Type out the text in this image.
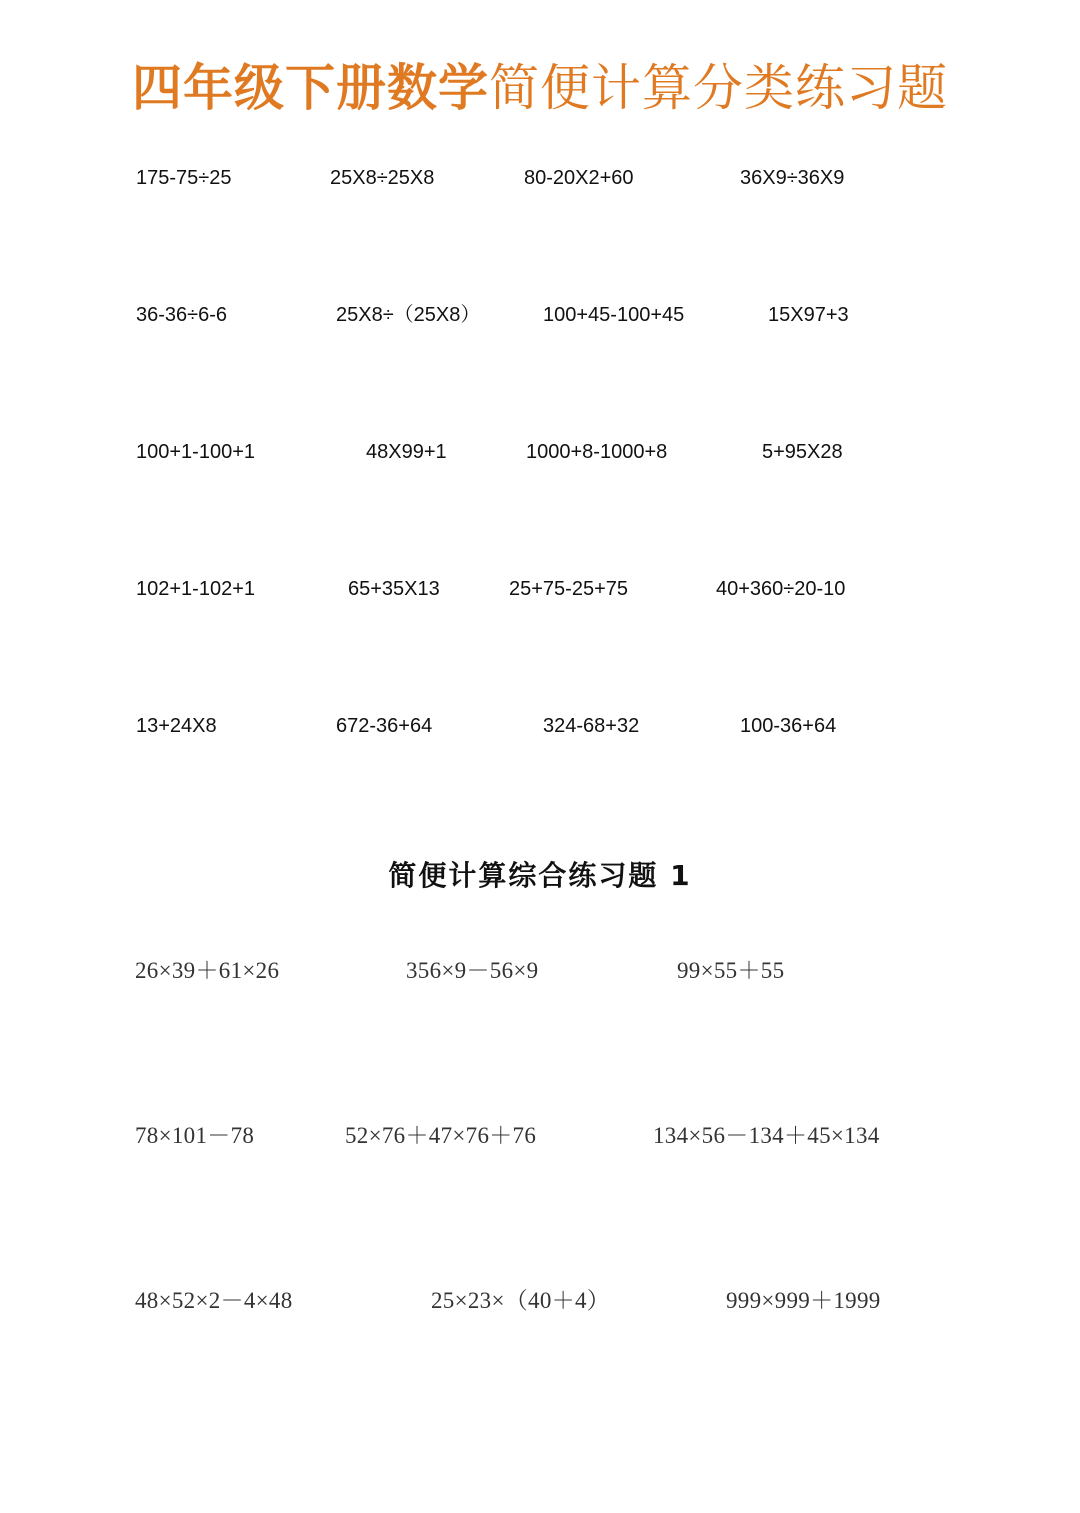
四年级下册数学简便计算分类练习题
175-75÷25	25X8÷25X8	80-20X2+60	36X9÷36X9
36-36÷6-6	25X8÷（25X8）	100+45-100+45	15X97+3
100+1-100+1	48X99+1	1000+8-1000+8	5+95X28
102+1-102+1	65+35X13	25+75-25+75	40+360÷20-10
13+24X8	672-36+64	324-68+32	100-36+64
简便计算综合练习题 1
26×39＋61×26	356×9－56×9	99×55＋55
78×101－78	52×76＋47×76＋76	134×56－134＋45×134
48×52×2－4×48	25×23×（40＋4）	999×999＋1999
